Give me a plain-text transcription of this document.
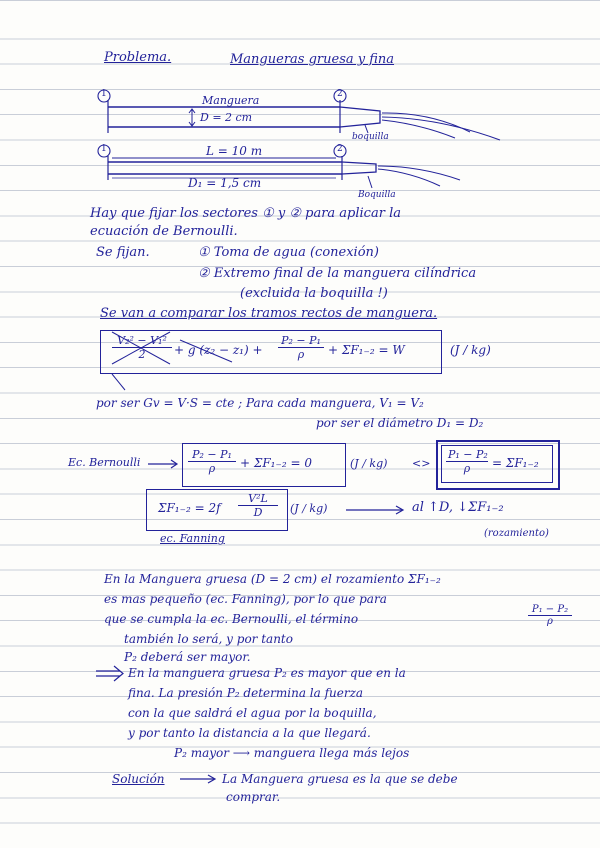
Problema.	Mangueras gruesa y fina
1	2
Manguera
D = 2 cm
boquilla
1	2
L = 10 m
D₁ = 1,5 cm
Boquilla
Hay que fijar los sectores ① y ② para aplicar la
ecuación de Bernoulli.
Se fijan.	① Toma de agua (conexión)
② Extremo final de la manguera cilíndrica
(excluida la boquilla !)
Se van a comparar los tramos rectos de manguera.
$\frac{\text{V₂² − V₁²}}{2} + g$ $(z_2 - z_1) + \frac{\text{P₂ − P₁}}{\rho} + \Sigma F_{1-2} = W$	(J / kg)
por ser Gv = V·S = cte ; Para cada manguera, V₁ = V₂
por ser el diámetro D₁ = D₂
Ec. Bernoulli	$\frac{\text{P₂ − P₁}}{\rho} + \Sigma F_{1-2} = 0$	$(J / kg) <> \frac{\text{P₁ − P₂}}{\rho} = \Sigma F_{1-2}$
$\Sigma F_{1-2} = 2f \frac{\text{V²L}}{D} (J / kg)$	al ↑D, ↓ΣF₁₋₂
(rozamiento)
ec. Fanning
En la Manguera gruesa (D = 2 cm) el rozamiento ΣF₁₋₂
es mas pequeño (ec. Fanning), por lo que para
que se cumpla la ec. Bernoulli, el término	$\frac{\text{P₁ − P₂}}{\rho}$
también lo será, y por tanto
P₂ deberá ser mayor.
En la manguera gruesa P₂ es mayor que en la
fina. La presión P₂ determina la fuerza
con la que saldrá el agua por la boquilla,
y por tanto la distancia a la que llegará.
P₂ mayor ⟶ manguera llega más lejos
Solución	La Manguera gruesa es la que se debe
comprar.
